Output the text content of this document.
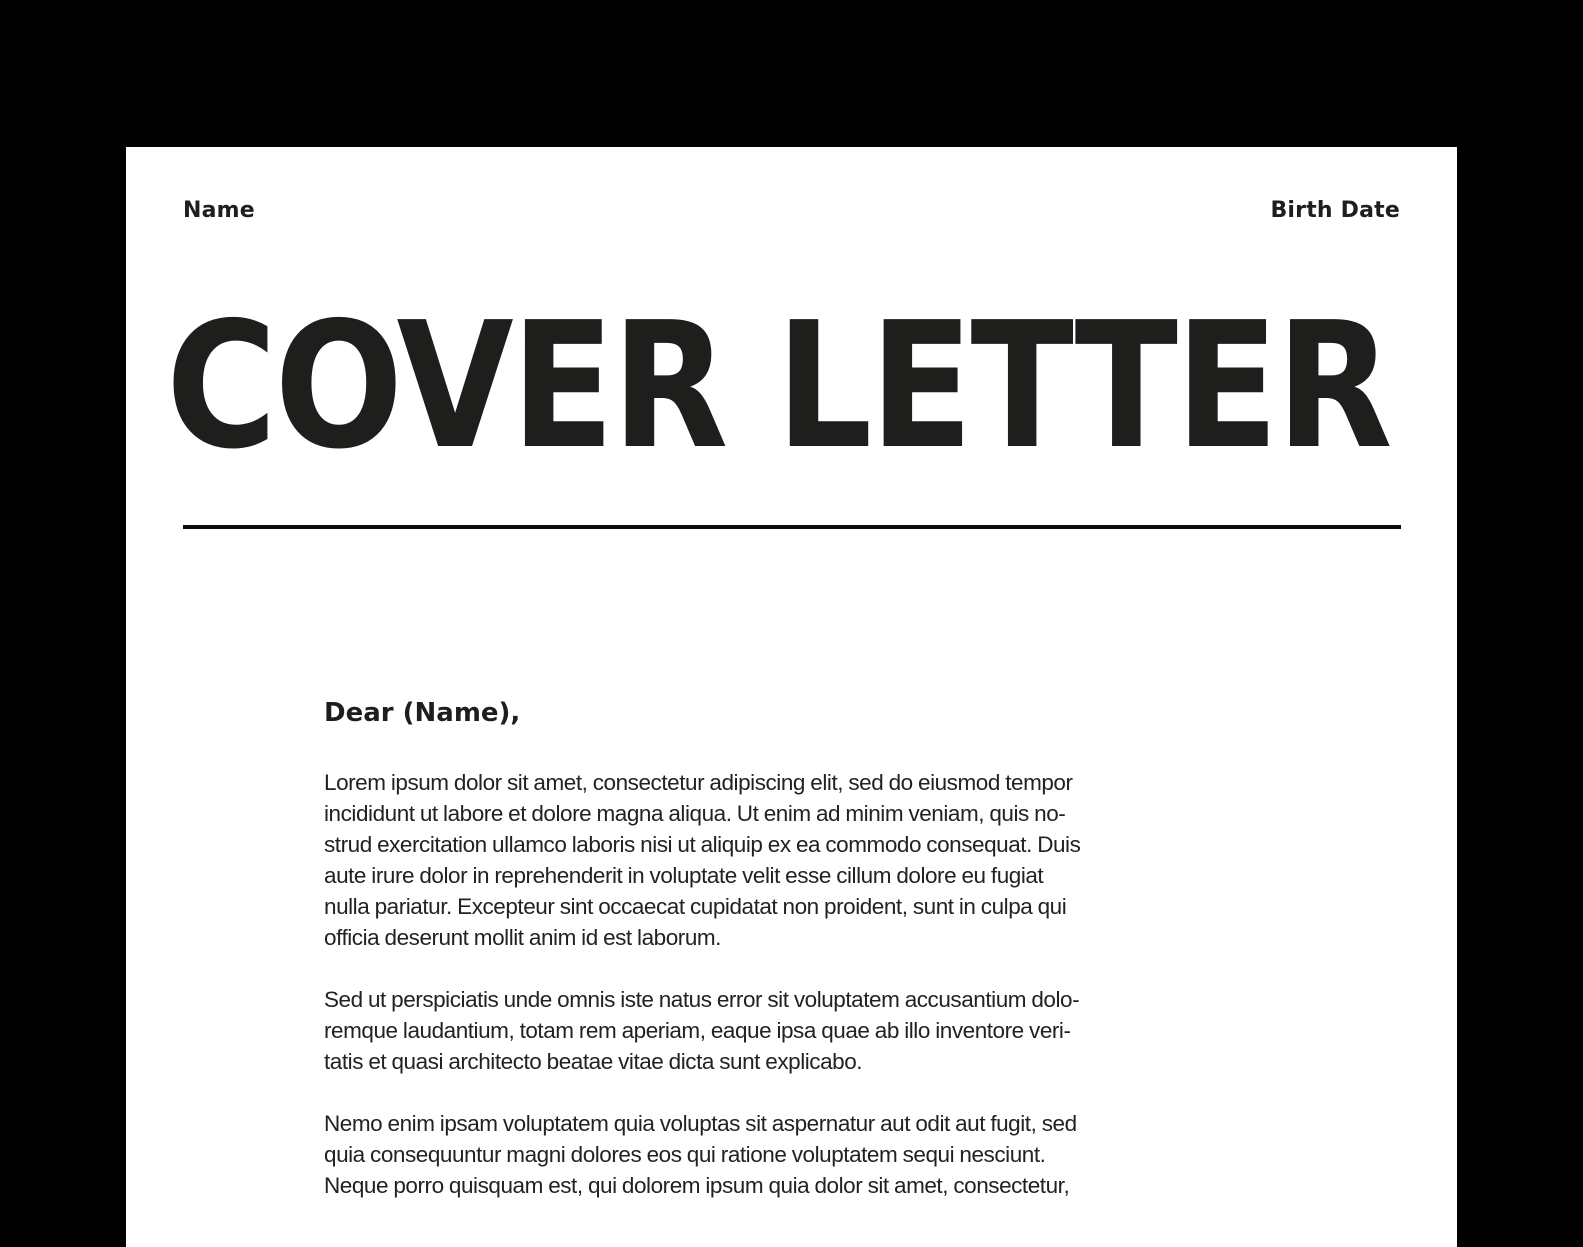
Name	Birth Date
COVER LETTER

Dear (Name),

Lorem ipsum dolor sit amet, consectetur adipiscing elit, sed do eiusmod tempor
incididunt ut labore et dolore magna aliqua. Ut enim ad minim veniam, quis no-
strud exercitation ullamco laboris nisi ut aliquip ex ea commodo consequat. Duis
aute irure dolor in reprehenderit in voluptate velit esse cillum dolore eu fugiat
nulla pariatur. Excepteur sint occaecat cupidatat non proident, sunt in culpa qui
officia deserunt mollit anim id est laborum.

Sed ut perspiciatis unde omnis iste natus error sit voluptatem accusantium dolo-
remque laudantium, totam rem aperiam, eaque ipsa quae ab illo inventore veri-
tatis et quasi architecto beatae vitae dicta sunt explicabo.

Nemo enim ipsam voluptatem quia voluptas sit aspernatur aut odit aut fugit, sed
quia consequuntur magni dolores eos qui ratione voluptatem sequi nesciunt.
Neque porro quisquam est, qui dolorem ipsum quia dolor sit amet, consectetur,
